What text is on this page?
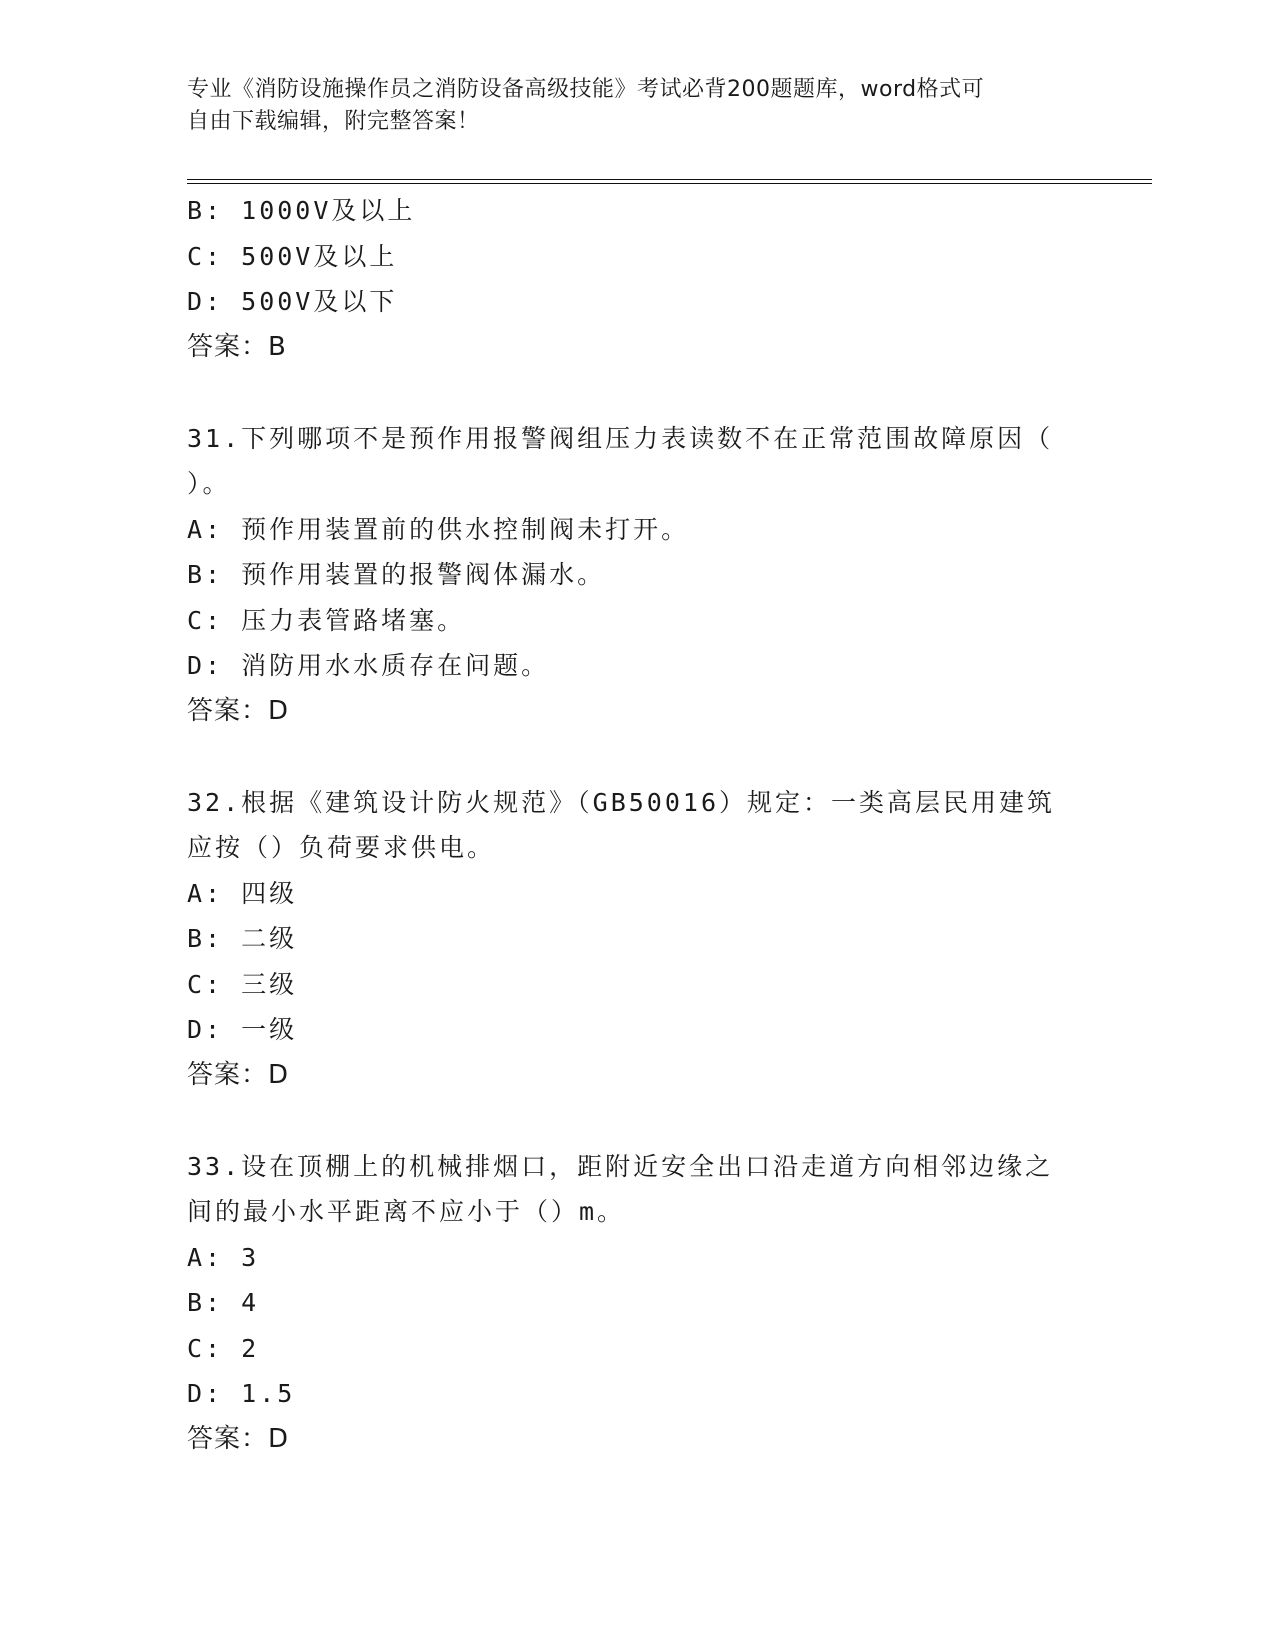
专业《消防设施操作员之消防设备高级技能》考试必背200题题库，word格式可
自由下载编辑，附完整答案！
B: 1000V及以上
C: 500V及以上
D: 500V及以下
答案：B
31.下列哪项不是预作用报警阀组压力表读数不在正常范围故障原因（
）。
A: 预作用装置前的供水控制阀未打开。
B: 预作用装置的报警阀体漏水。
C: 压力表管路堵塞。
D: 消防用水水质存在问题。
答案：D
32.根据《建筑设计防火规范》（GB50016）规定：一类高层民用建筑
应按（）负荷要求供电。
A: 四级
B: 二级
C: 三级
D: 一级
答案：D
33.设在顶棚上的机械排烟口，距附近安全出口沿走道方向相邻边缘之
间的最小水平距离不应小于（）m。
A: 3
B: 4
C: 2
D: 1.5
答案：D
